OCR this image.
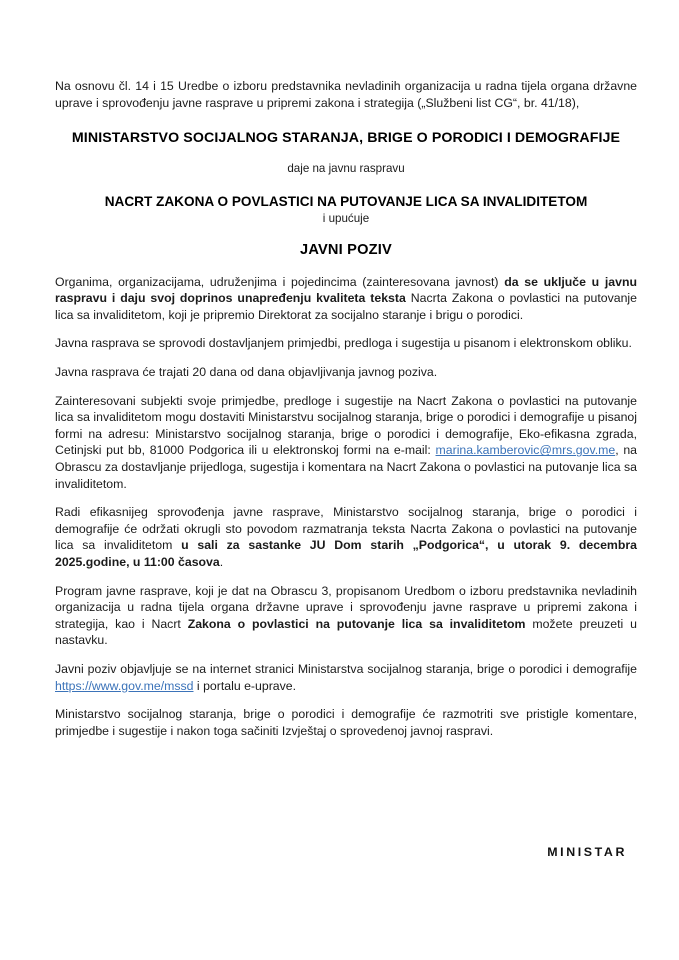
Na osnovu čl. 14 i 15 Uredbe o izboru predstavnika nevladinih organizacija u radna tijela organa državne uprave i sprovođenju javne rasprave u pripremi zakona i strategija („Službeni list CG“, br. 41/18),

MINISTARSTVO SOCIJALNOG STARANJA, BRIGE O PORODICI I DEMOGRAFIJE

daje na javnu raspravu

NACRT ZAKONA O POVLASTICI NA PUTOVANJE LICA SA INVALIDITETOM

i upućuje

JAVNI POZIV

Organima, organizacijama, udruženjima i pojedincima (zainteresovana javnost) da se uključe u javnu raspravu i daju svoj doprinos unapređenju kvaliteta teksta Nacrta Zakona o povlastici na putovanje lica sa invaliditetom, koji je pripremio Direktorat za socijalno staranje i brigu o porodici.

Javna rasprava se sprovodi dostavljanjem primjedbi, predloga i sugestija u pisanom i elektronskom obliku.

Javna rasprava će trajati 20 dana od dana objavljivanja javnog poziva.

Zainteresovani subjekti svoje primjedbe, predloge i sugestije na Nacrt Zakona o povlastici na putovanje lica sa invaliditetom mogu dostaviti Ministarstvu socijalnog staranja, brige o porodici i demografije u pisanoj formi na adresu: Ministarstvo socijalnog staranja, brige o porodici i demografije, Eko-efikasna zgrada, Cetinjski put bb, 81000 Podgorica ili u elektronskoj formi na e-mail: marina.kamberovic@mrs.gov.me, na Obrascu za dostavljanje prijedloga, sugestija i komentara na Nacrt Zakona o povlastici na putovanje lica sa invaliditetom.

Radi efikasnijeg sprovođenja javne rasprave, Ministarstvo socijalnog staranja, brige o porodici i demografije će održati okrugli sto povodom razmatranja teksta Nacrta Zakona o povlastici na putovanje lica sa invaliditetom u sali za sastanke JU Dom starih „Podgorica“, u utorak 9. decembra 2025.godine, u 11:00 časova.

Program javne rasprave, koji je dat na Obrascu 3, propisanom Uredbom o izboru predstavnika nevladinih organizacija u radna tijela organa državne uprave i sprovođenju javne rasprave u pripremi zakona i strategija, kao i Nacrt Zakona o povlastici na putovanje lica sa invaliditetom možete preuzeti u nastavku.

Javni poziv objavljuje se na internet stranici Ministarstva socijalnog staranja, brige o porodici i demografije https://www.gov.me/mssd i portalu e-uprave.

Ministarstvo socijalnog staranja, brige o porodici i demografije će razmotriti sve pristigle komentare, primjedbe i sugestije i nakon toga sačiniti Izvještaj o sprovedenoj javnoj raspravi.

MINISTAR
